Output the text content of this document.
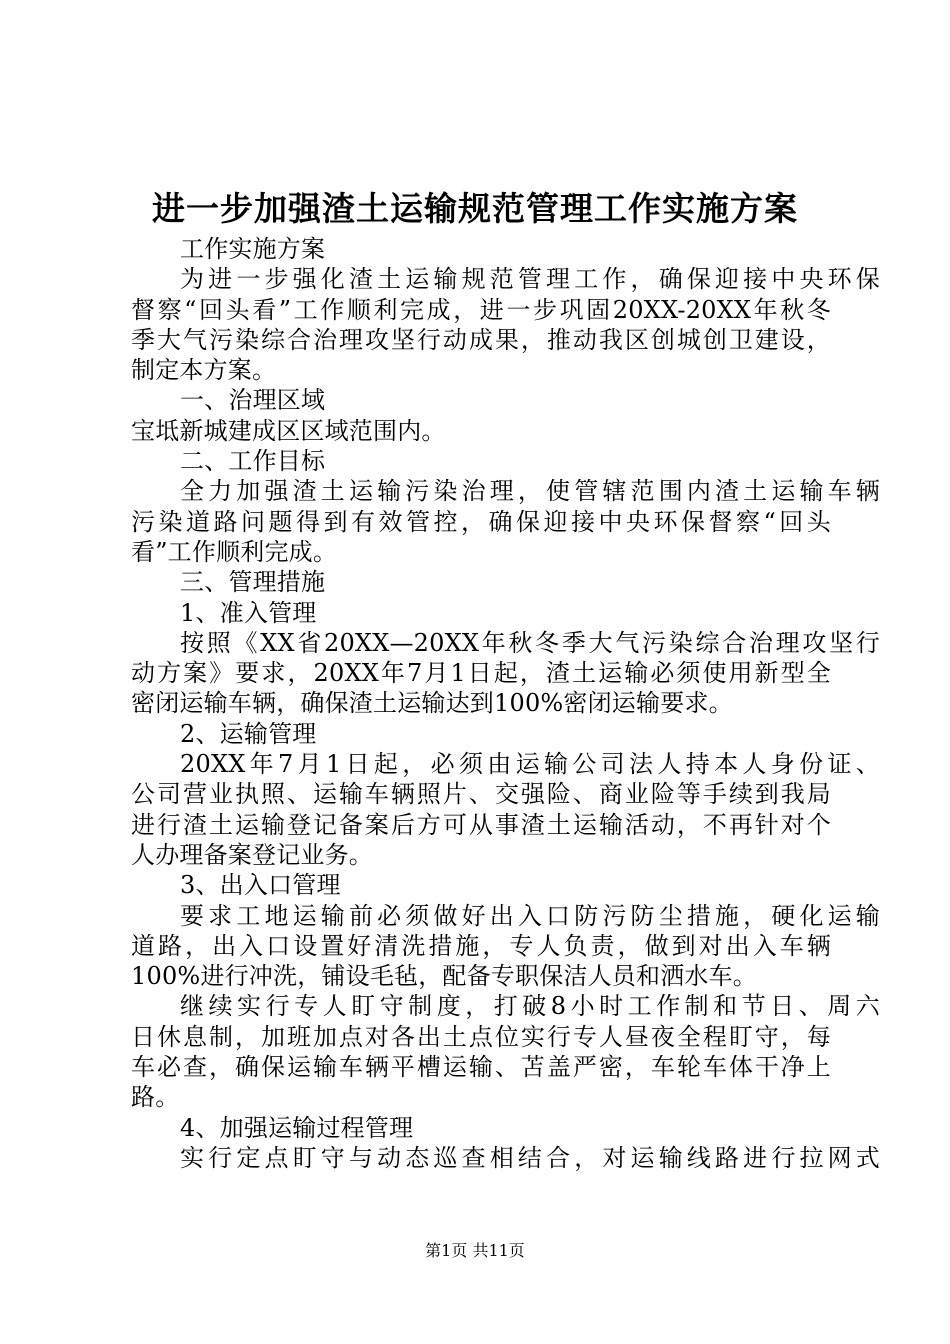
进一步加强渣土运输规范管理工作实施方案
工作实施方案
为进一步强化渣土运输规范管理工作，确保迎接中央环保
督察“回头看”工作顺利完成，进一步巩固20XX-20XX年秋冬
季大气污染综合治理攻坚行动成果，推动我区创城创卫建设，
制定本方案。
一、治理区域
宝坻新城建成区区域范围内。
二、工作目标
全力加强渣土运输污染治理，使管辖范围内渣土运输车辆
污染道路问题得到有效管控，确保迎接中央环保督察“回头
看”工作顺利完成。
三、管理措施
1、准入管理
按照《XX省20XX—20XX年秋冬季大气污染综合治理攻坚行
动方案》要求，20XX年7月1日起，渣土运输必须使用新型全
密闭运输车辆，确保渣土运输达到100%密闭运输要求。
2、运输管理
20XX年7月1日起，必须由运输公司法人持本人身份证、
公司营业执照、运输车辆照片、交强险、商业险等手续到我局
进行渣土运输登记备案后方可从事渣土运输活动，不再针对个
人办理备案登记业务。
3、出入口管理
要求工地运输前必须做好出入口防污防尘措施，硬化运输
道路，出入口设置好清洗措施，专人负责，做到对出入车辆
100%进行冲洗，铺设毛毡，配备专职保洁人员和洒水车。
继续实行专人盯守制度，打破8小时工作制和节日、周六
日休息制，加班加点对各出土点位实行专人昼夜全程盯守，每
车必查，确保运输车辆平槽运输、苫盖严密，车轮车体干净上
路。
4、加强运输过程管理
实行定点盯守与动态巡查相结合，对运输线路进行拉网式
第1页 共11页
